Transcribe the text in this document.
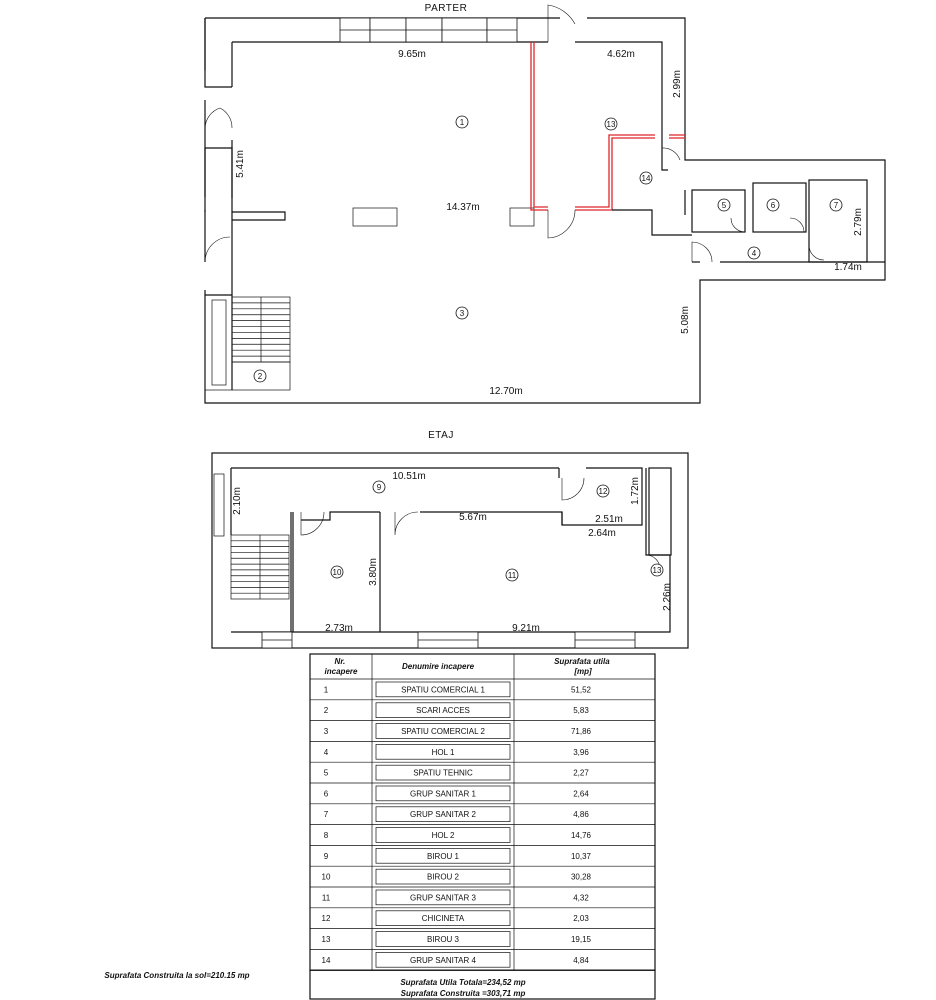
PARTER
1
2
3
4
5	6	7
13
14
9.65m	4.62m
2.99m
5.41m
14.37m
2.79m
1.74m
5.08m
12.70m
ETAJ
9
10	11
12
13
10.51m
2.10m	1.72m
5.67m	2.51m
2.64m
3.80m
2.26m
2.73m	9.21m
Nr. incapere
Denumire incapere
Suprafata utila [mp]
1	SPATIU COMERCIAL 1	51,52
2	SCARI ACCES	5,83
3	SPATIU COMERCIAL 2	71,86
4	HOL 1	3,96
5	SPATIU TEHNIC	2,27
6	GRUP SANITAR 1	2,64
7	GRUP SANITAR 2	4,86
8	HOL 2	14,76
9	BIROU 1	10,37
10	BIROU 2	30,28
11	GRUP SANITAR 3	4,32
12	CHICINETA	2,03
13	BIROU 3	19,15
14	GRUP SANITAR 4	4,84
Suprafata Utila Totala=234,52 mp
Suprafata Construita =303,71 mp
Suprafata Construita la sol=210.15 mp
